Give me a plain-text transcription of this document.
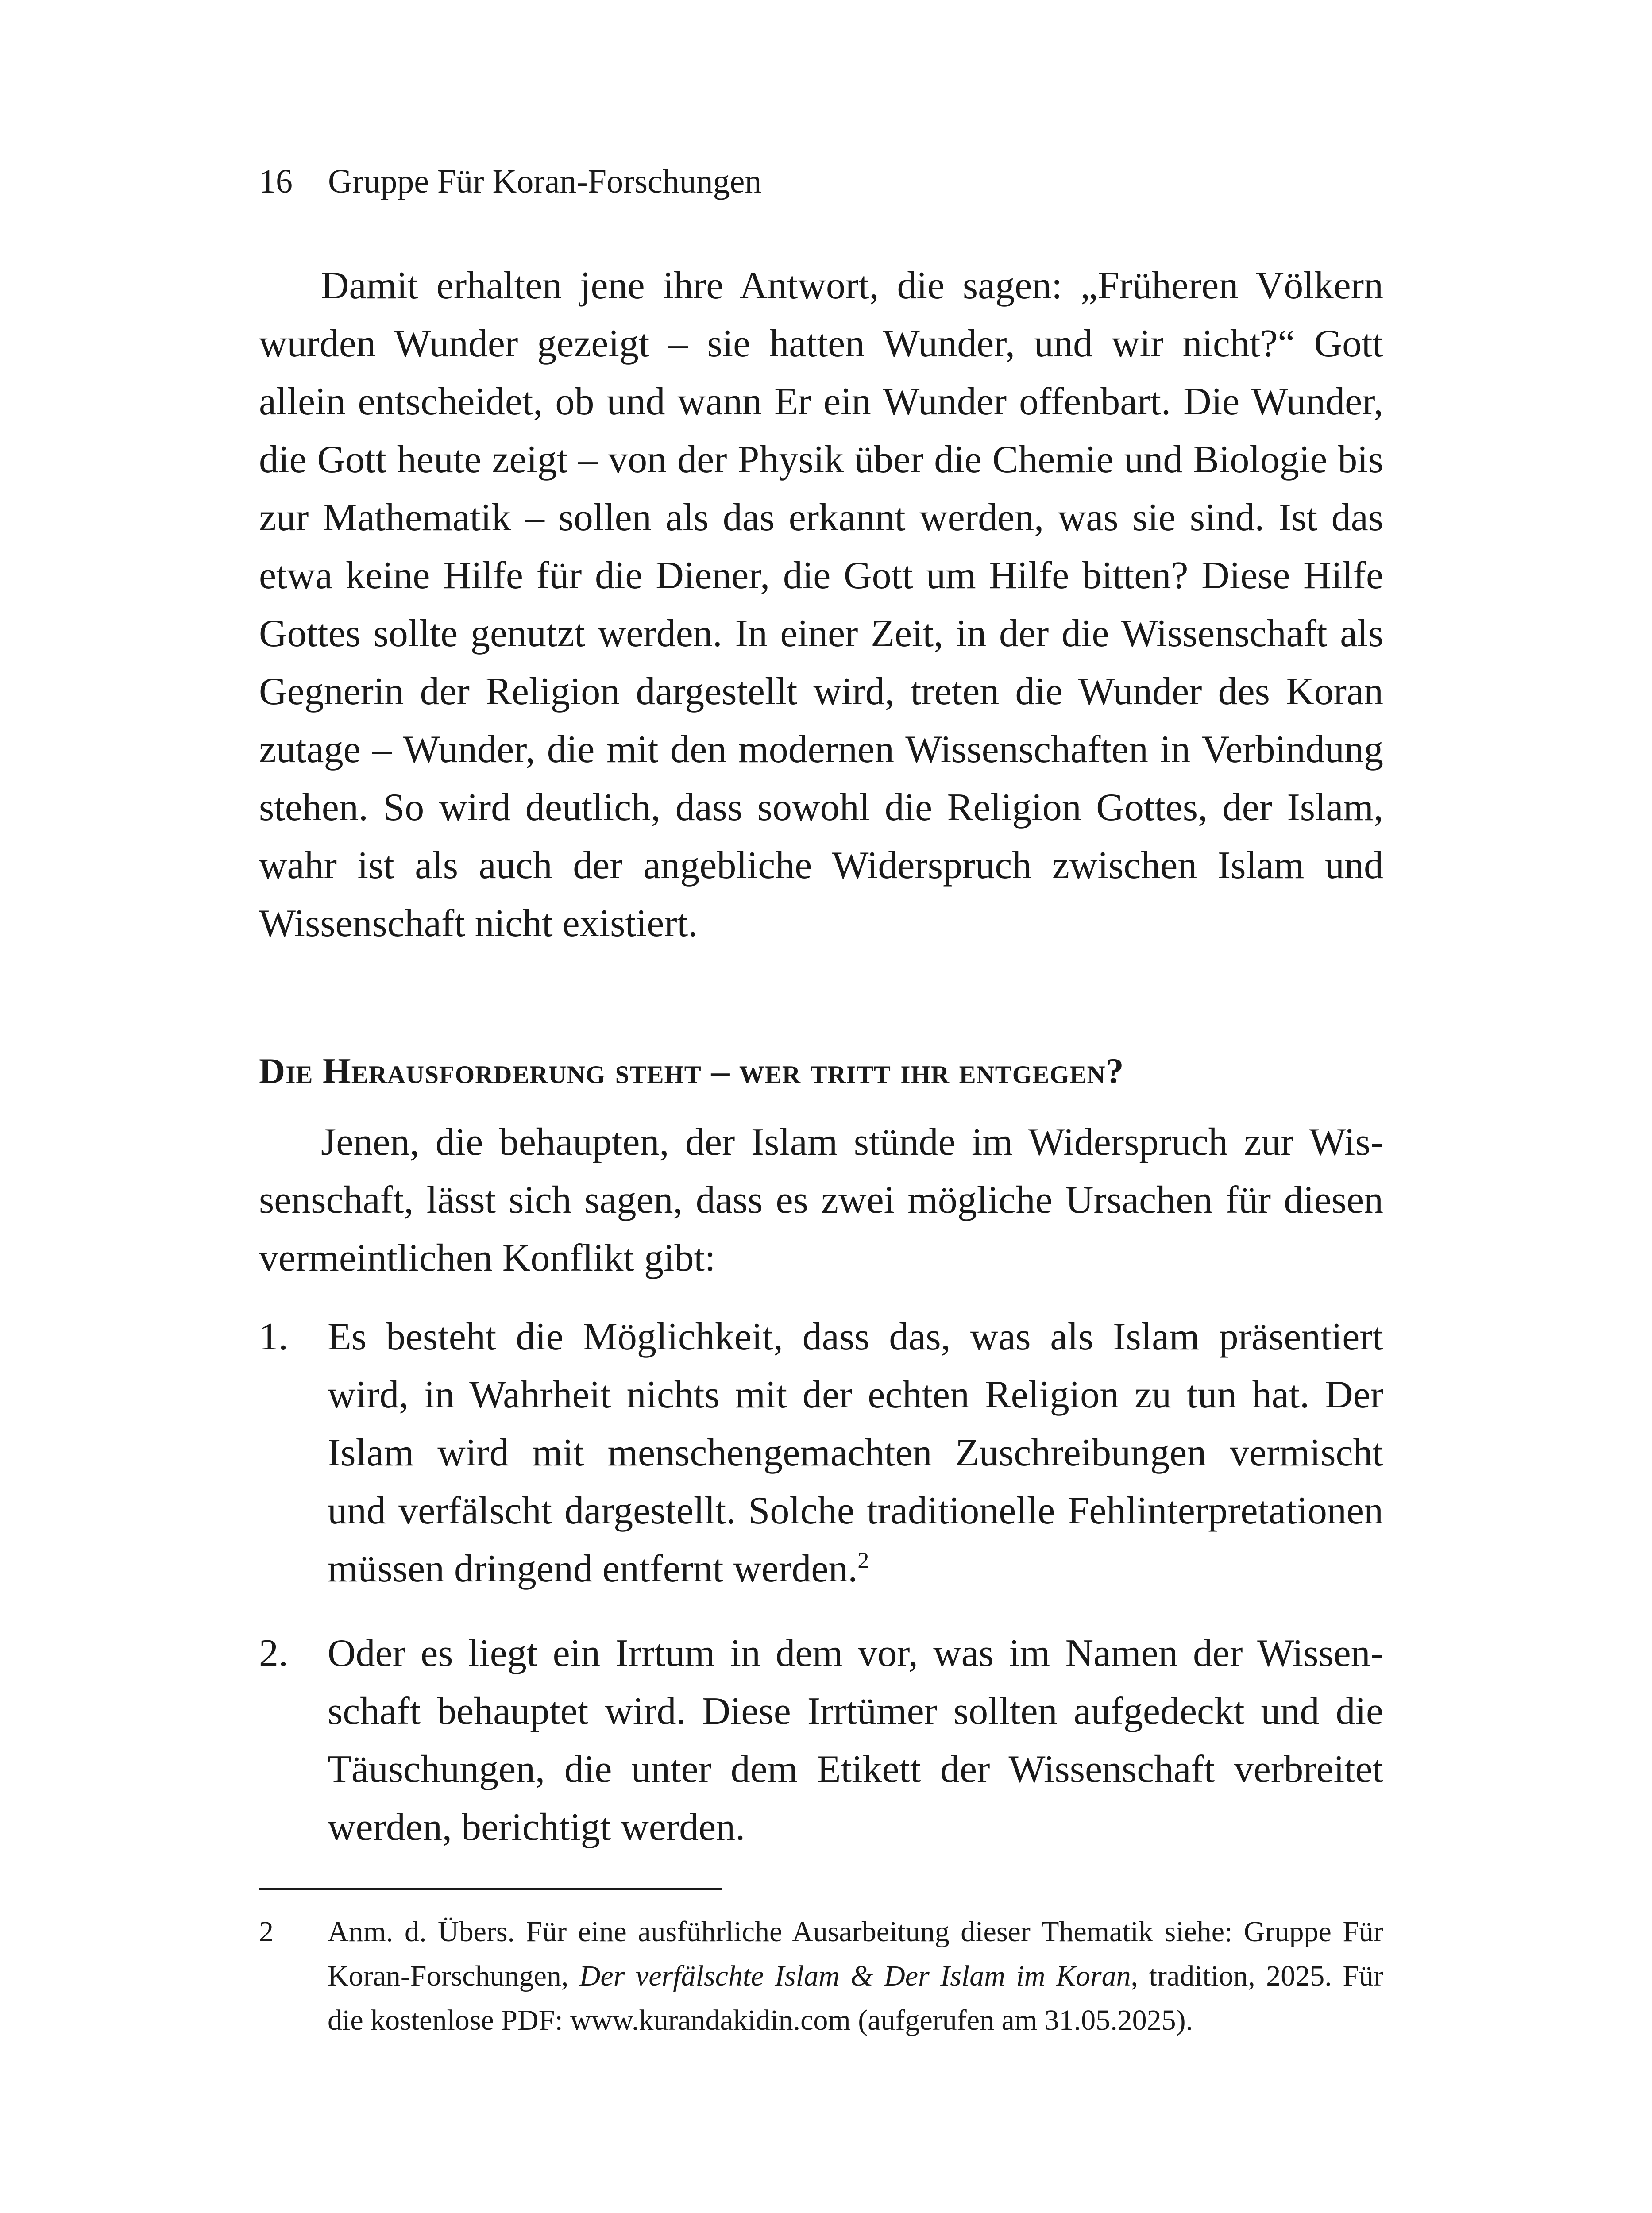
16 Gruppe Für Koran-Forschungen

Damit erhalten jene ihre Antwort, die sagen: „Früheren Völkern wurden Wunder gezeigt – sie hatten Wunder, und wir nicht?“ Gott allein entscheidet, ob und wann Er ein Wunder offenbart. Die Wunder, die Gott heute zeigt – von der Physik über die Chemie und Biologie bis zur Mathematik – sollen als das erkannt werden, was sie sind. Ist das etwa keine Hilfe für die Diener, die Gott um Hilfe bitten? Diese Hilfe Gottes sollte genutzt werden. In einer Zeit, in der die Wissenschaft als Gegnerin der Religion dargestellt wird, treten die Wunder des Koran zutage – Wunder, die mit den modernen Wissenschaften in Verbindung stehen. So wird deutlich, dass sowohl die Religion Gottes, der Islam, wahr ist als auch der angebliche Widerspruch zwischen Islam und Wissenschaft nicht existiert.

Die Herausforderung steht – wer tritt ihr entgegen?

Jenen, die behaupten, der Islam stünde im Widerspruch zur Wissenschaft, lässt sich sagen, dass es zwei mögliche Ursachen für diesen vermeintlichen Konflikt gibt:

1. Es besteht die Möglichkeit, dass das, was als Islam präsentiert wird, in Wahrheit nichts mit der echten Religion zu tun hat. Der Islam wird mit menschengemachten Zuschreibungen vermischt und verfälscht dargestellt. Solche traditionelle Fehlinterpretationen müssen dringend entfernt werden.$^2$
2. Oder es liegt ein Irrtum in dem vor, was im Namen der Wissenschaft behauptet wird. Diese Irrtümer sollten aufgedeckt und die Täuschungen, die unter dem Etikett der Wissenschaft verbreitet werden, berichtigt werden.
2	Anm. d. Übers. Für eine ausführliche Ausarbeitung dieser Thematik siehe: Gruppe Für Koran-Forschungen, Der verfälschte Islam & Der Islam im Koran, tradition, 2025. Für die kostenlose PDF: www.kurandakidin.com (aufgerufen am 31.05.2025).
